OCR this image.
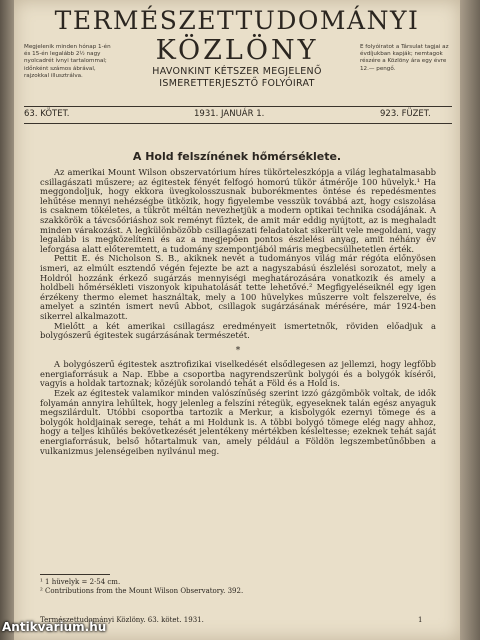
TERMÉSZETTUDOMÁNYI
KÖZLÖNY
HAVONKINT KÉTSZER MEGJELENŐ
ISMERETTERJESZTŐ FOLYÓIRAT
Megjelenik minden hónap 1-én és 15-én legalább 2½ nagy nyolcadrét ívnyi tartalommal; időnként számos ábrával, rajzokkal illusztrálva.
E folyóiratot a Társulat tagjai az évdíjukban kapják; nemtagok részére a Közlöny ára egy évre 12.— pengő.
63. KÖTET.	1931. JANUÁR 1.	923. FÜZET.
A Hold felszínének hőmérséklete.

Az amerikai Mount Wilson obszervatórium híres tükörteleszkópja a világ leghatalmasabb csillagászati műszere; az égitestek fényét felfogó homorú tükör átmérője 100 hüvelyk.¹ Ha meggondoljuk, hogy ekkora üvegkolosszusnak buborékmentes öntése és repedésmentes lehűtése mennyi nehézségbe ütközik, hogy figyelembe vesszük továbbá azt, hogy csiszolása is csaknem tökéletes, a tükröt méltán nevezhetjük a modern optikai technika csodájának. A szakkörök a távcsőóriáshoz sok reményt fűztek, de amit már eddig nyújtott, az is meghaladt minden várakozást. A legkülönbözőbb csillagászati feladatokat sikerült vele megoldani, vagy legalább is megközelíteni és az a megjepően pontos észlelési anyag, amit néhány év leforgása alatt előteremtett, a tudomány szempontjából máris megbecsülhetetlen érték.

Pettit E. és Nicholson S. B., akiknek nevét a tudományos világ már régóta előnyösen ismeri, az elmúlt esztendő végén fejezte be azt a nagyszabású észlelési sorozatot, mely a Holdról hozzánk érkező sugárzás mennyiségi meghatározására vonatkozik és amely a holdbeli hőmérsékleti viszonyok kipuhatolását tette lehetővé.² Megfigyeléseiknél egy igen érzékeny thermo elemet használtak, mely a 100 hüvelykes műszerre volt felszerelve, és amelyet a szintén ismert nevű Abbot, csillagok sugárzásának mérésére, már 1924-ben sikerrel alkalmazott.

Mielőtt a két amerikai csillagász eredményeit ismertetnők, röviden előadjuk a bolygószerű égitestek sugárzásának természetét.

*

A bolygószerű égitestek asztrofizikai viselkedését elsődlegesen az jellemzi, hogy legfőbb energiaforrásuk a Nap. Ebbe a csoportba nagyrendszerünk bolygói és a bolygók kísérői, vagyis a holdak tartoznak; közéjük sorolandó tehát a Föld és a Hold is.

Ezek az égitestek valamikor minden valószínűség szerint izzó gázgömbök voltak, de idők folyamán annyira lehűltek, hogy jelenleg a felszíni rétegük, egyeseknek talán egész anyaguk megszilárdult. Utóbbi csoportba tartozik a Merkur, a kisbolygók ezernyi tömege és a bolygók holdjainak serege, tehát a mi Holdunk is. A többi bolygó tömege elég nagy ahhoz, hogy a teljes kihűlés bekövetkezését jelentékeny mértékben késleltesse; ezeknek tehát saját energiaforrásuk, belső hőtartalmuk van, amely például a Földön legszembetűnőbben a vulkanizmus jelenségeiben nyilvánul meg.

¹ 1 hüvelyk = 2·54 cm.
² Contributions from the Mount Wilson Observatory. 392.
Természettudományi Közlöny. 63. kötet. 1931.	1
Antikvarium.hu
